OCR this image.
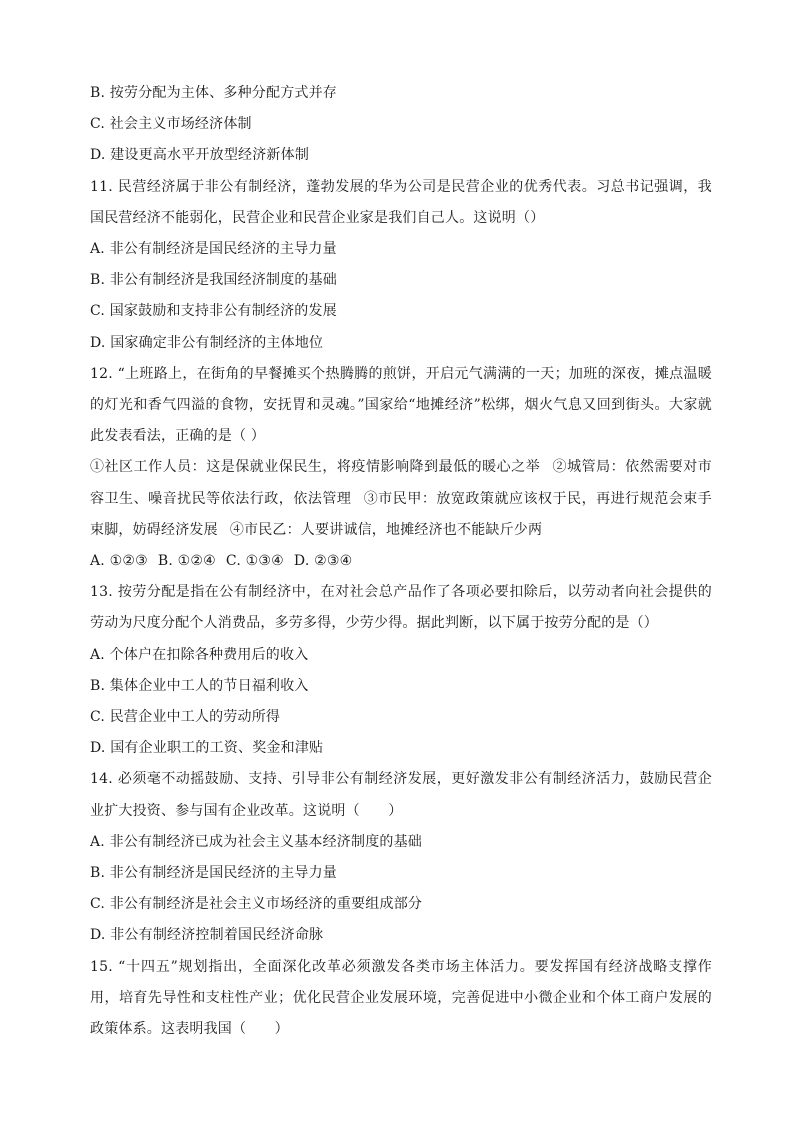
B. 按劳分配为主体、多种分配方式并存
C. 社会主义市场经济体制
D. 建设更高水平开放型经济新体制
11. 民营经济属于非公有制经济，蓬勃发展的华为公司是民营企业的优秀代表。习总书记强调，我国民营经济不能弱化，民营企业和民营企业家是我们自己人。这说明（）
A. 非公有制经济是国民经济的主导力量
B. 非公有制经济是我国经济制度的基础
C. 国家鼓励和支持非公有制经济的发展
D. 国家确定非公有制经济的主体地位
12. “上班路上，在街角的早餐摊买个热腾腾的煎饼，开启元气满满的一天；加班的深夜，摊点温暖的灯光和香气四溢的食物，安抚胃和灵魂。”国家给“地摊经济”松绑，烟火气息又回到街头。大家就此发表看法，正确的是（ ）
①社区工作人员：这是保就业保民生，将疫情影响降到最低的暖心之举 ②城管局：依然需要对市容卫生、噪音扰民等依法行政，依法管理 ③市民甲：放宽政策就应该权于民，再进行规范会束手束脚，妨碍经济发展 ④市民乙：人要讲诚信，地摊经济也不能缺斤少两
A. ①②③ B. ①②④ C. ①③④ D. ②③④
13. 按劳分配是指在公有制经济中，在对社会总产品作了各项必要扣除后，以劳动者向社会提供的劳动为尺度分配个人消费品，多劳多得，少劳少得。据此判断，以下属于按劳分配的是（）
A. 个体户在扣除各种费用后的收入
B. 集体企业中工人的节日福利收入
C. 民营企业中工人的劳动所得
D. 国有企业职工的工资、奖金和津贴
14. 必须毫不动摇鼓励、支持、引导非公有制经济发展，更好激发非公有制经济活力，鼓励民营企业扩大投资、参与国有企业改革。这说明（　　）
A. 非公有制经济已成为社会主义基本经济制度的基础
B. 非公有制经济是国民经济的主导力量
C. 非公有制经济是社会主义市场经济的重要组成部分
D. 非公有制经济控制着国民经济命脉
15. “十四五”规划指出，全面深化改革必须激发各类市场主体活力。要发挥国有经济战略支撑作用，培育先导性和支柱性产业；优化民营企业发展环境，完善促进中小微企业和个体工商户发展的政策体系。这表明我国（　　）
